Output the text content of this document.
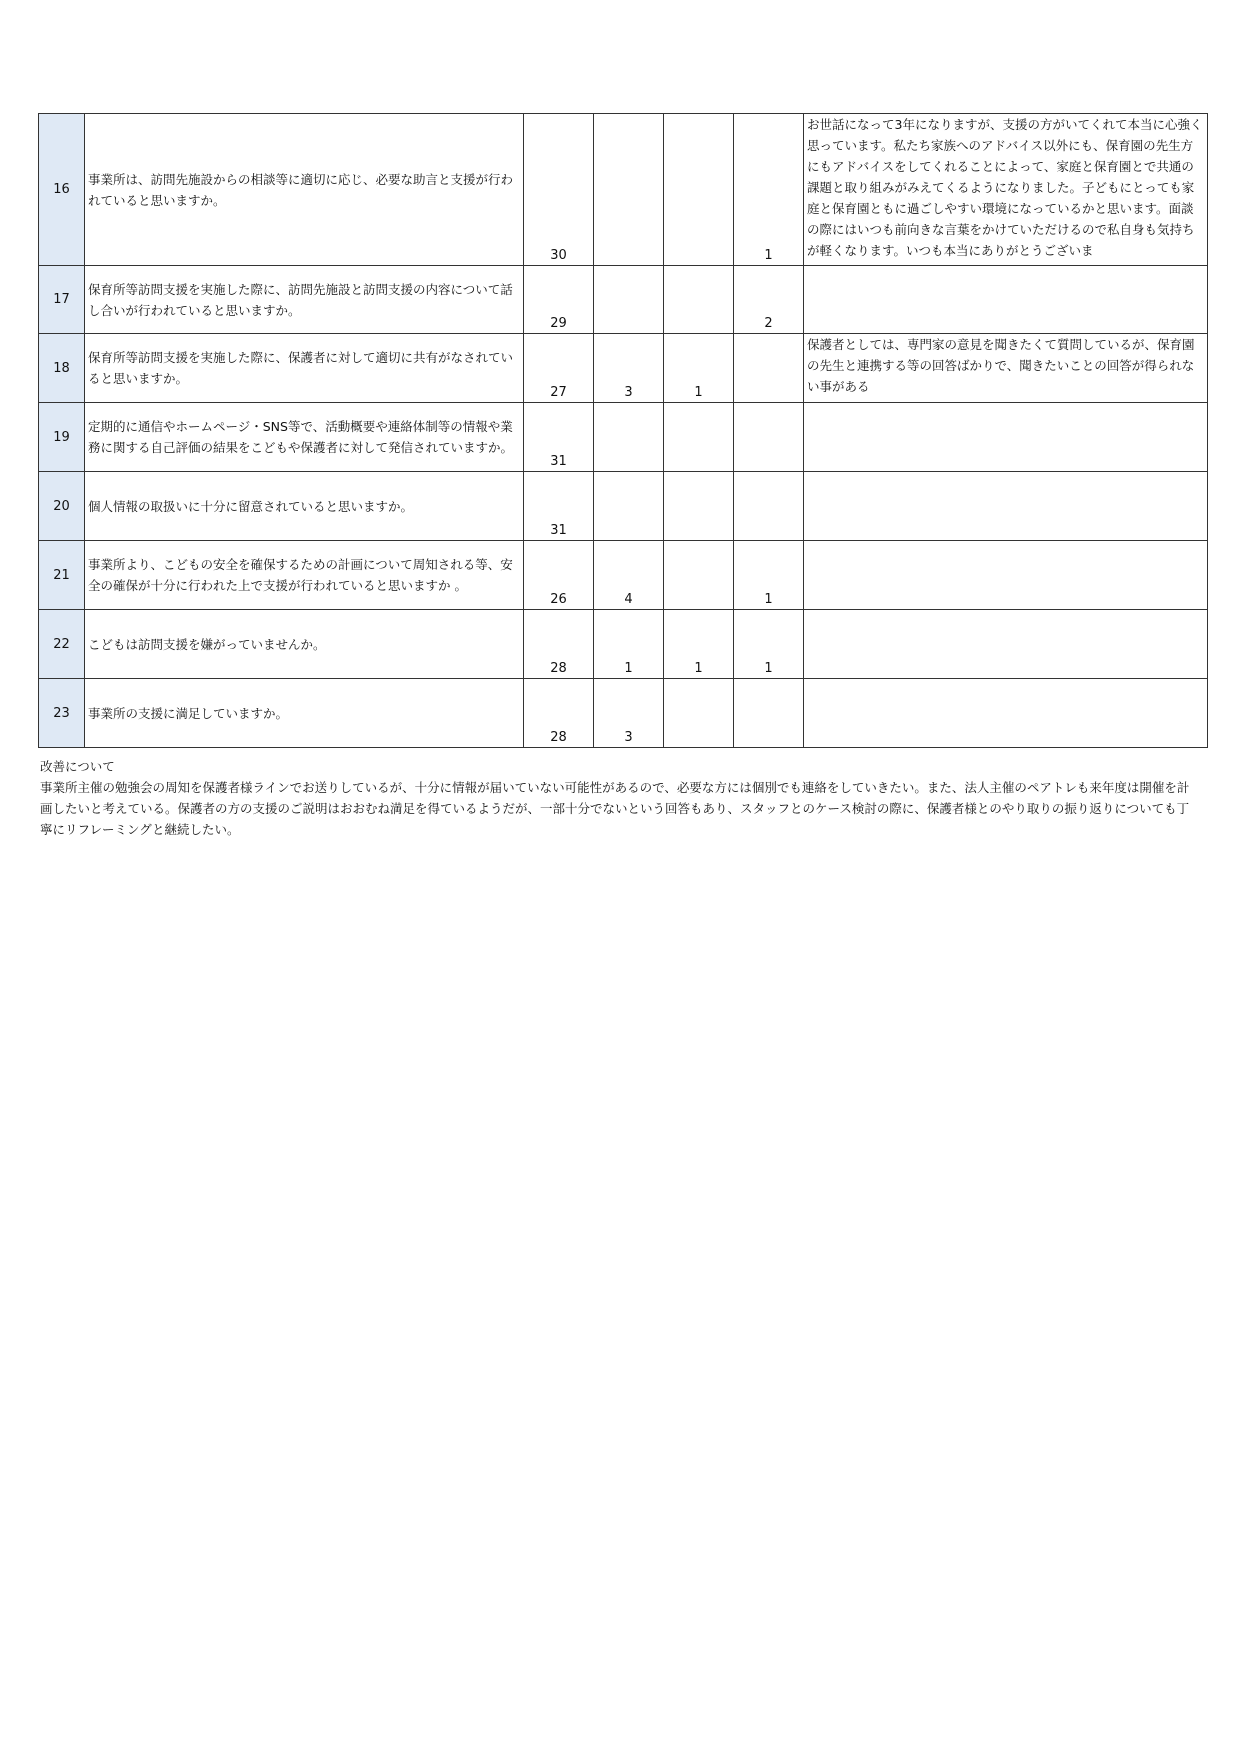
16	事業所は、訪問先施設からの相談等に適切に応じ、必要な助言と支援が行われていると思いますか。	30			1	お世話になって3年になりますが、支援の方がいてくれて本当に心強く思っています。私たち家族へのアドバイス以外にも、保育園の先生方にもアドバイスをしてくれることによって、家庭と保育園とで共通の課題と取り組みがみえてくるようになりました。子どもにとっても家庭と保育園ともに過ごしやすい環境になっているかと思います。面談の際にはいつも前向きな言葉をかけていただけるので私自身も気持ちが軽くなります。いつも本当にありがとうございま

17	保育所等訪問支援を実施した際に、訪問先施設と訪問支援の内容について話し合いが行われていると思いますか。	29			2	

18	保育所等訪問支援を実施した際に、保護者に対して適切に共有がなされていると思いますか。	27	3	1		保護者としては、専門家の意見を聞きたくて質問しているが、保育園の先生と連携する等の回答ばかりで、聞きたいことの回答が得られない事がある

19	定期的に通信やホームページ・SNS等で、活動概要や連絡体制等の情報や業務に関する自己評価の結果をこどもや保護者に対して発信されていますか。	31				

20	個人情報の取扱いに十分に留意されていると思いますか。	31				

21	事業所より、こどもの安全を確保するための計画について周知される等、安全の確保が十分に行われた上で支援が行われていると思いますか 。	26	4		1	

22	こどもは訪問支援を嫌がっていませんか。	28	1	1	1	

23	事業所の支援に満足していますか。	28	3			
改善について
事業所主催の勉強会の周知を保護者様ラインでお送りしているが、十分に情報が届いていない可能性があるので、必要な方には個別でも連絡をしていきたい。また、法人主催のペアトレも来年度は開催を計画したいと考えている。保護者の方の支援のご説明はおおむね満足を得ているようだが、一部十分でないという回答もあり、スタッフとのケース検討の際に、保護者様とのやり取りの振り返りについても丁寧にリフレーミングと継続したい。
